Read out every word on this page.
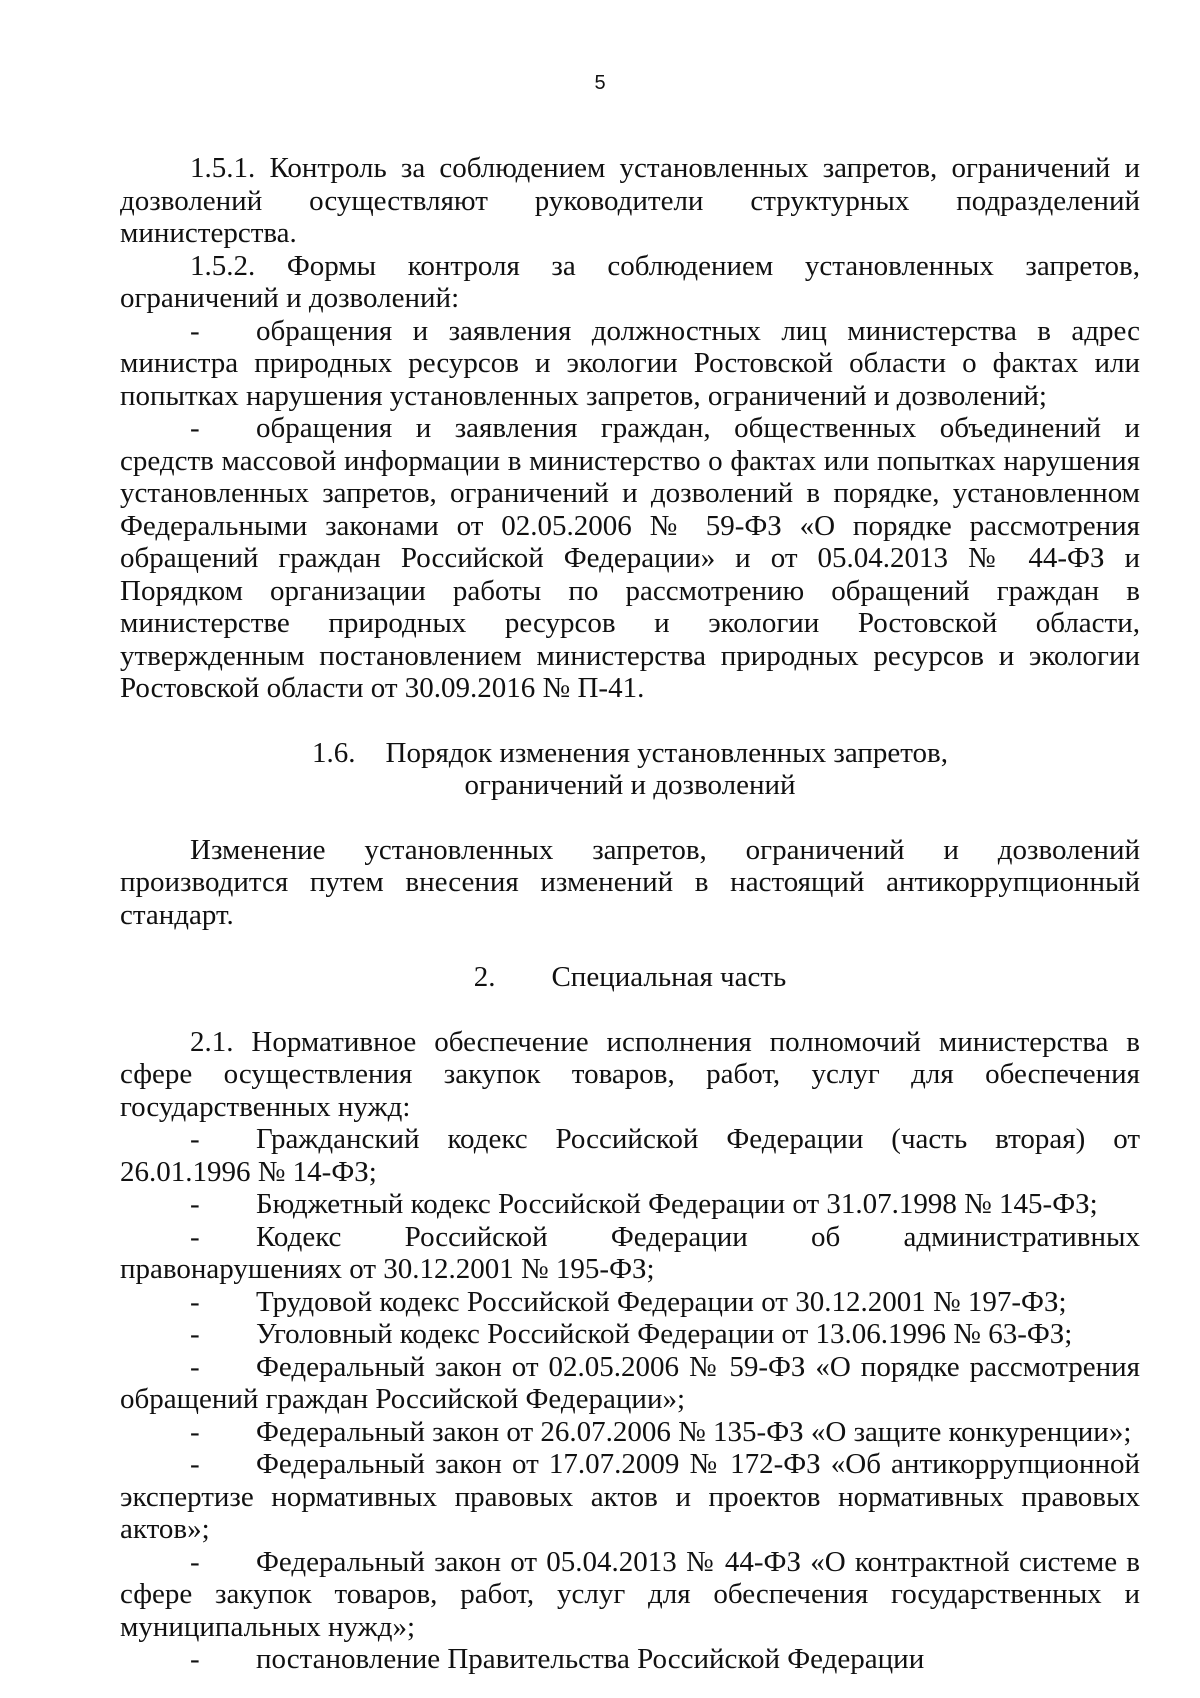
5

1.5.1. Контроль за соблюдением установленных запретов, ограничений и дозволений осуществляют руководители структурных подразделений министерства.

1.5.2. Формы контроля за соблюдением установленных запретов, ограничений и дозволений:

- обращения и заявления должностных лиц министерства в адрес министра природных ресурсов и экологии Ростовской области о фактах или попытках нарушения установленных запретов, ограничений и дозволений;

- обращения и заявления граждан, общественных объединений и средств массовой информации в министерство о фактах или попытках нарушения установленных запретов, ограничений и дозволений в порядке, установленном Федеральными законами от 02.05.2006 № 59-ФЗ «О порядке рассмотрения обращений граждан Российской Федерации» и от 05.04.2013 № 44-ФЗ и Порядком организации работы по рассмотрению обращений граждан в министерстве природных ресурсов и экологии Ростовской области, утвержденным постановлением министерства природных ресурсов и экологии Ростовской области от 30.09.2016 № П-41.

1.6. Порядок изменения установленных запретов,

ограничений и дозволений

Изменение установленных запретов, ограничений и дозволений производится путем внесения изменений в настоящий антикоррупционный стандарт.

2. Специальная часть

2.1. Нормативное обеспечение исполнения полномочий министерства в сфере осуществления закупок товаров, работ, услуг для обеспечения государственных нужд:

- Гражданский кодекс Российской Федерации (часть вторая) от 26.01.1996 № 14-ФЗ;

- Бюджетный кодекс Российской Федерации от 31.07.1998 № 145-ФЗ;

- Кодекс Российской Федерации об административных правонарушениях от 30.12.2001 № 195-ФЗ;

- Трудовой кодекс Российской Федерации от 30.12.2001 № 197-ФЗ;

- Уголовный кодекс Российской Федерации от 13.06.1996 № 63-ФЗ;

- Федеральный закон от 02.05.2006 № 59-ФЗ «О порядке рассмотрения обращений граждан Российской Федерации»;

- Федеральный закон от 26.07.2006 № 135-ФЗ «О защите конкуренции»;

- Федеральный закон от 17.07.2009 № 172-ФЗ «Об антикоррупционной экспертизе нормативных правовых актов и проектов нормативных правовых актов»;

- Федеральный закон от 05.04.2013 № 44-ФЗ «О контрактной системе в сфере закупок товаров, работ, услуг для обеспечения государственных и муниципальных нужд»;

- постановление Правительства Российской Федерации
